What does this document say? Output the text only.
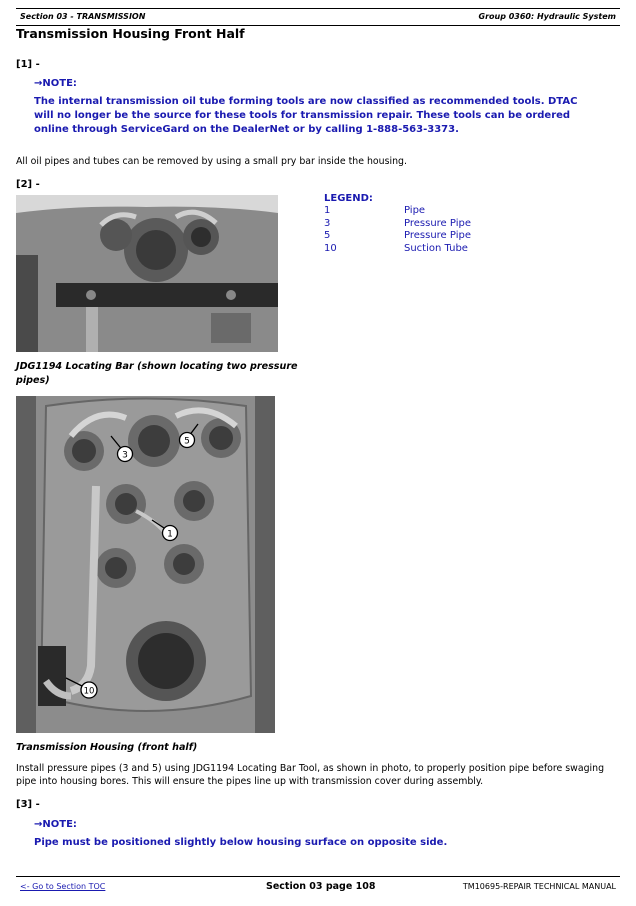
Section 03 - TRANSMISSION	Group 0360: Hydraulic System
Transmission Housing Front Half
[1] -
→NOTE:
The internal transmission oil tube forming tools are now classified as recommended tools. DTAC will no longer be the source for these tools for transmission repair. These tools can be ordered online through ServiceGard on the DealerNet or by calling 1-888-563-3373.
All oil pipes and tubes can be removed by using a small pry bar inside the housing.
[2] -
LEGEND:
1	Pipe
3	Pressure Pipe
5	Pressure Pipe
10	Suction Tube
JDG1194 Locating Bar (shown locating two pressure pipes)
3
5
1
10
Transmission Housing (front half)
Install pressure pipes (3 and 5) using JDG1194 Locating Bar Tool, as shown in photo, to properly position pipe before swaging pipe into housing bores. This will ensure the pipes line up with transmission cover during assembly.
[3] -
→NOTE:
Pipe must be positioned slightly below housing surface on opposite side.
<- Go to Section TOC	Section 03 page 108	TM10695-REPAIR TECHNICAL MANUAL
